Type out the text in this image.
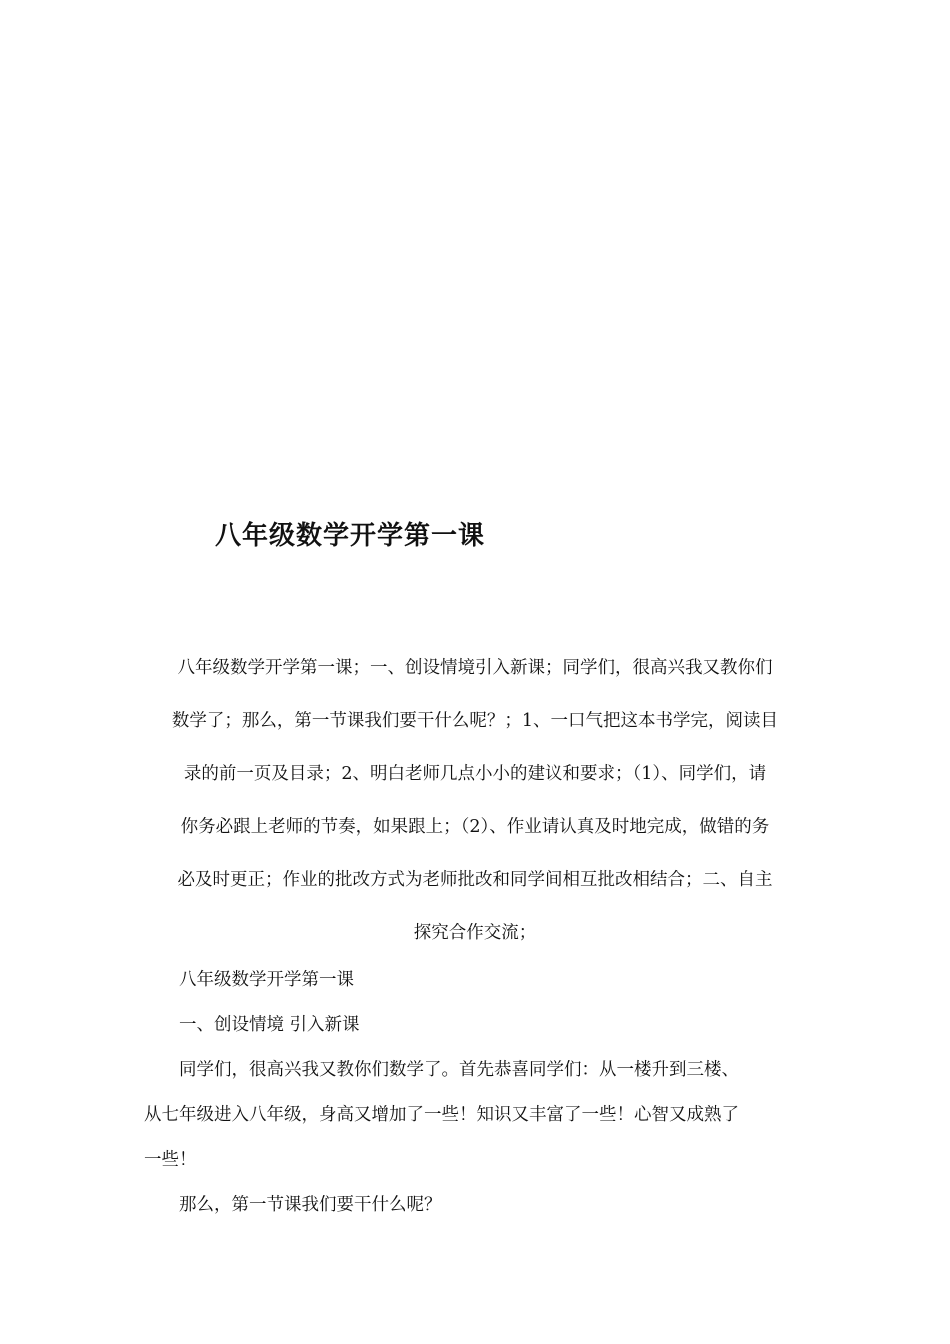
八年级数学开学第一课
八年级数学开学第一课；一、创设情境引入新课；同学们，很高兴我又教你们
数学了；那么，第一节课我们要干什么呢？；1、一口气把这本书学完，阅读目
录的前一页及目录；2、明白老师几点小小的建议和要求；（1）、同学们，请
你务必跟上老师的节奏，如果跟上；（2）、作业请认真及时地完成，做错的务
必及时更正；作业的批改方式为老师批改和同学间相互批改相结合；二、自主
探究合作交流；
八年级数学开学第一课
一、创设情境 引入新课
同学们，很高兴我又教你们数学了。首先恭喜同学们：从一楼升到三楼、
从七年级进入八年级，身高又增加了一些！知识又丰富了一些！心智又成熟了
一些！
那么，第一节课我们要干什么呢？
